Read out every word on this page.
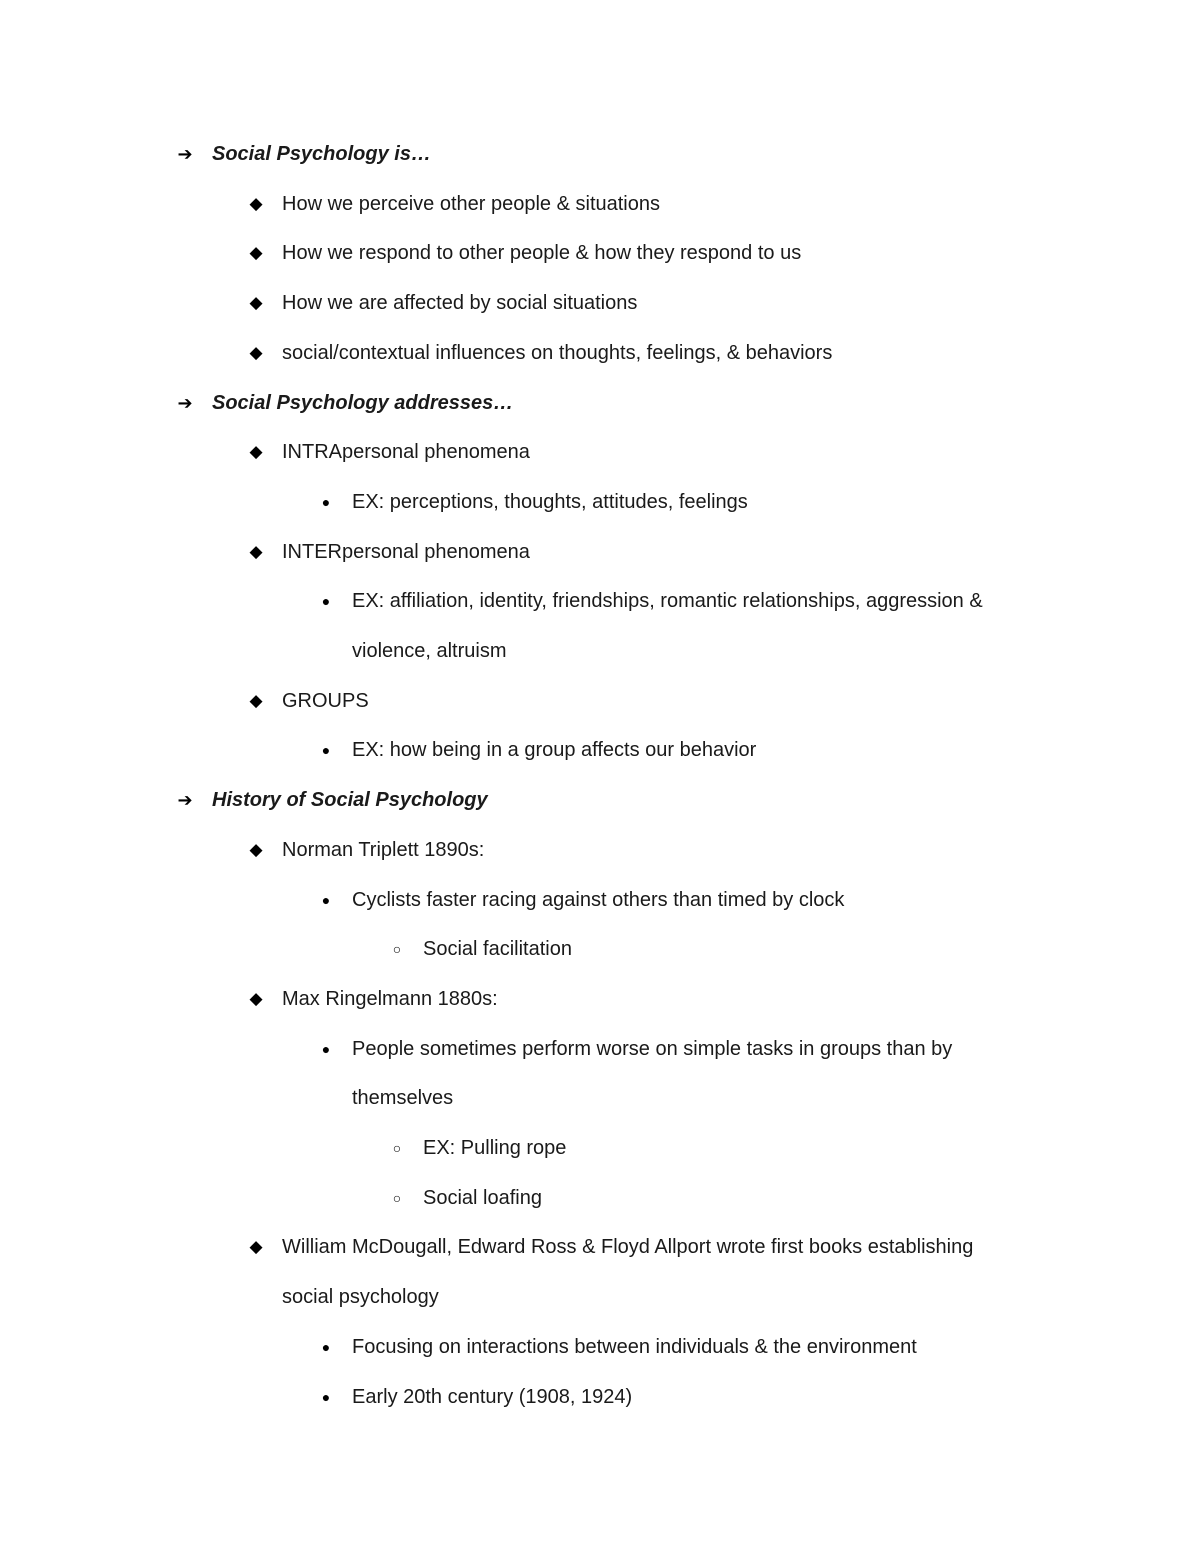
➔ Social Psychology is…
◆ How we perceive other people & situations
◆ How we respond to other people & how they respond to us
◆ How we are affected by social situations
◆ social/contextual influences on thoughts, feelings, & behaviors
➔ Social Psychology addresses…
◆ INTRApersonal phenomena
●	EX: perceptions, thoughts, attitudes, feelings
◆ INTERpersonal phenomena
●	EX: affiliation, identity, friendships, romantic relationships, aggression &
violence, altruism
◆ GROUPS
●	EX: how being in a group affects our behavior
➔ History of Social Psychology
◆ Norman Triplett 1890s:
●	Cyclists faster racing against others than timed by clock
○	Social facilitation
◆ Max Ringelmann 1880s:
●	People sometimes perform worse on simple tasks in groups than by
themselves
○	EX: Pulling rope
○	Social loafing
◆ William McDougall, Edward Ross & Floyd Allport wrote first books establishing
social psychology
●	Focusing on interactions between individuals & the environment
●	Early 20th century (1908, 1924)
